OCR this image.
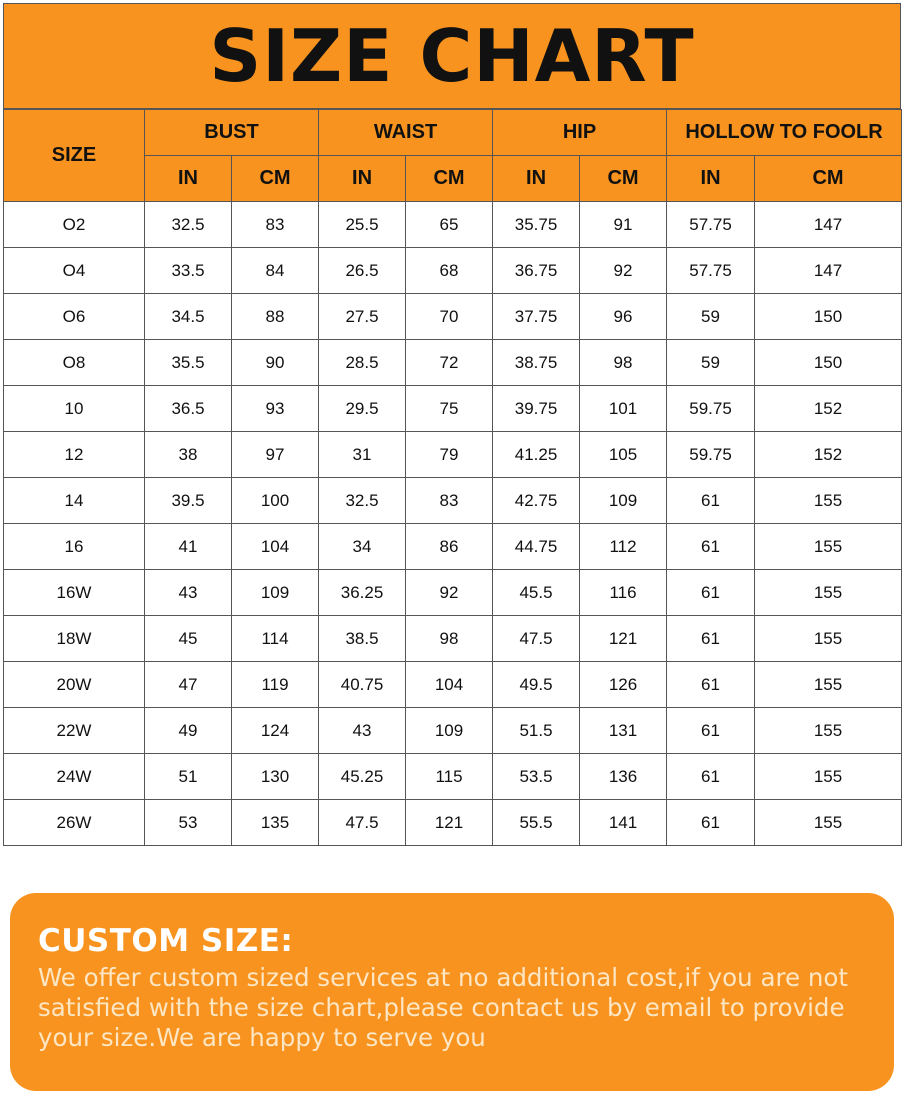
SIZE CHART
SIZE	BUST		WAIST		HIP		HOLLOW TO FOOLR	
	IN	CM	IN	CM	IN	CM	IN	CM
O2	32.5	83	25.5	65	35.75	91	57.75	147
O4	33.5	84	26.5	68	36.75	92	57.75	147
O6	34.5	88	27.5	70	37.75	96	59	150
O8	35.5	90	28.5	72	38.75	98	59	150
10	36.5	93	29.5	75	39.75	101	59.75	152
12	38	97	31	79	41.25	105	59.75	152
14	39.5	100	32.5	83	42.75	109	61	155
16	41	104	34	86	44.75	112	61	155
16W	43	109	36.25	92	45.5	116	61	155
18W	45	114	38.5	98	47.5	121	61	155
20W	47	119	40.75	104	49.5	126	61	155
22W	49	124	43	109	51.5	131	61	155
24W	51	130	45.25	115	53.5	136	61	155
26W	53	135	47.5	121	55.5	141	61	155

CUSTOM SIZE:

We offer custom sized services at no additional cost,if you are not satisfied with the size chart,please contact us by email to provide your size.We are happy to serve you
